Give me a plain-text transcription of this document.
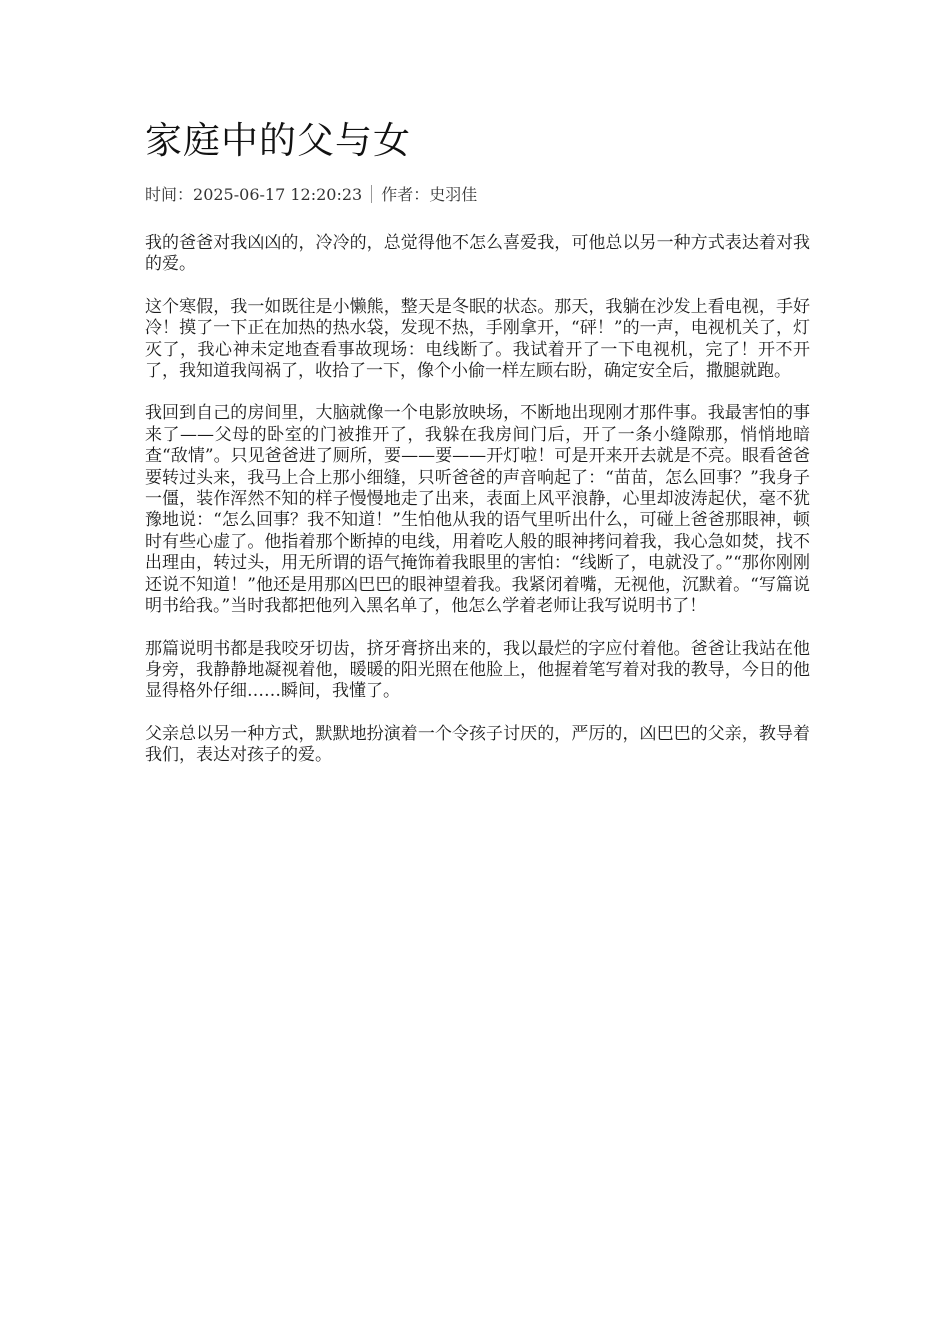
家庭中的父与女
时间：2025-06-17 12:20:23 作者：史羽佳

我的爸爸对我凶凶的，冷冷的，总觉得他不怎么喜爱我，可他总以另一种方式表达着对我的爱。

这个寒假，我一如既往是小懒熊，整天是冬眠的状态。那天，我躺在沙发上看电视，手好冷！摸了一下正在加热的热水袋，发现不热，手刚拿开，“砰！”的一声，电视机关了，灯灭了，我心神未定地查看事故现场：电线断了。我试着开了一下电视机，完了！开不开了，我知道我闯祸了，收拾了一下，像个小偷一样左顾右盼，确定安全后，撒腿就跑。

我回到自己的房间里，大脑就像一个电影放映场，不断地出现刚才那件事。我最害怕的事来了——父母的卧室的门被推开了，我躲在我房间门后，开了一条小缝隙那，悄悄地暗查“敌情”。只见爸爸进了厕所，要——要——开灯啦！可是开来开去就是不亮。眼看爸爸要转过头来，我马上合上那小细缝，只听爸爸的声音响起了：“苗苗，怎么回事？”我身子一僵，装作浑然不知的样子慢慢地走了出来，表面上风平浪静，心里却波涛起伏，毫不犹豫地说：“怎么回事？我不知道！”生怕他从我的语气里听出什么，可碰上爸爸那眼神，顿时有些心虚了。他指着那个断掉的电线，用着吃人般的眼神拷问着我，我心急如焚，找不出理由，转过头，用无所谓的语气掩饰着我眼里的害怕：“线断了，电就没了。”“那你刚刚还说不知道！”他还是用那凶巴巴的眼神望着我。我紧闭着嘴，无视他，沉默着。“写篇说明书给我。”当时我都把他列入黑名单了，他怎么学着老师让我写说明书了！

那篇说明书都是我咬牙切齿，挤牙膏挤出来的，我以最烂的字应付着他。爸爸让我站在他身旁，我静静地凝视着他，暖暖的阳光照在他脸上，他握着笔写着对我的教导，今日的他显得格外仔细……瞬间，我懂了。

父亲总以另一种方式，默默地扮演着一个令孩子讨厌的，严厉的，凶巴巴的父亲，教导着我们，表达对孩子的爱。
